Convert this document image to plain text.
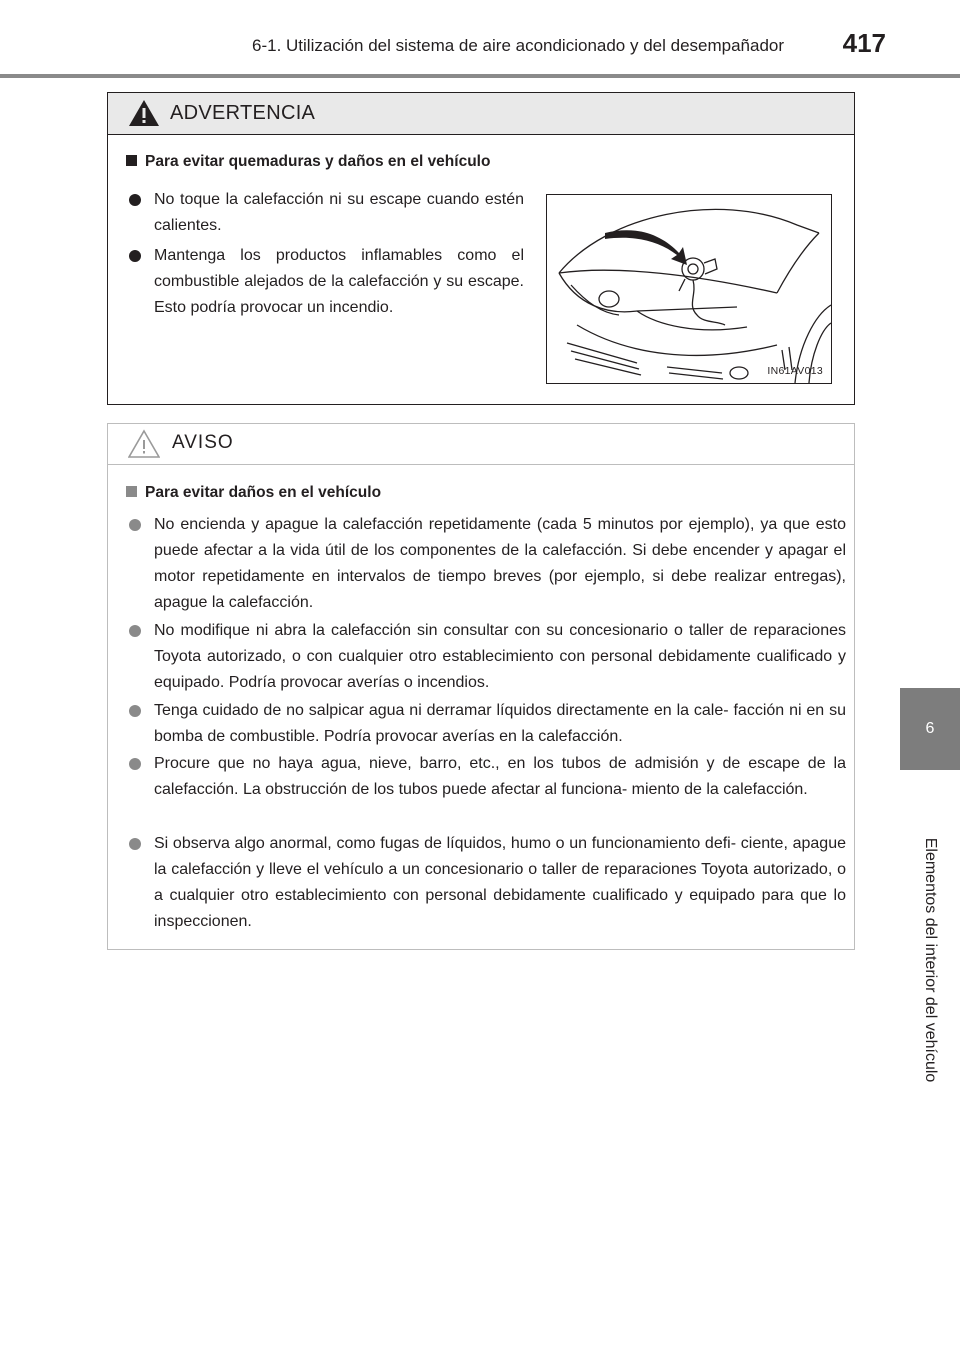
6-1. Utilización del sistema de aire acondicionado y del desempañador 417
6
Elementos del interior del vehículo
ADVERTENCIA
Para evitar quemaduras y daños en el vehículo
No toque la calefacción ni su escape cuando estén calientes.
Mantenga los productos inflamables como el combustible alejados de la calefacción y su escape. Esto podría provocar un incendio.
IN61AV013
AVISO
Para evitar daños en el vehículo
No encienda y apague la calefacción repetidamente (cada 5 minutos por ejemplo), ya que esto puede afectar a la vida útil de los componentes de la calefacción. Si debe encender y apagar el motor repetidamente en intervalos de tiempo breves (por ejemplo, si debe realizar entregas), apague la calefacción.
No modifique ni abra la calefacción sin consultar con su concesionario o taller de reparaciones Toyota autorizado, o con cualquier otro establecimiento con personal debidamente cualificado y equipado. Podría provocar averías o incendios.
Tenga cuidado de no salpicar agua ni derramar líquidos directamente en la cale- facción ni en su bomba de combustible. Podría provocar averías en la calefacción.
Procure que no haya agua, nieve, barro, etc., en los tubos de admisión y de escape de la calefacción. La obstrucción de los tubos puede afectar al funciona- miento de la calefacción.
Si observa algo anormal, como fugas de líquidos, humo o un funcionamiento defi- ciente, apague la calefacción y lleve el vehículo a un concesionario o taller de reparaciones Toyota autorizado, o a cualquier otro establecimiento con personal debidamente cualificado y equipado para que lo inspeccionen.
